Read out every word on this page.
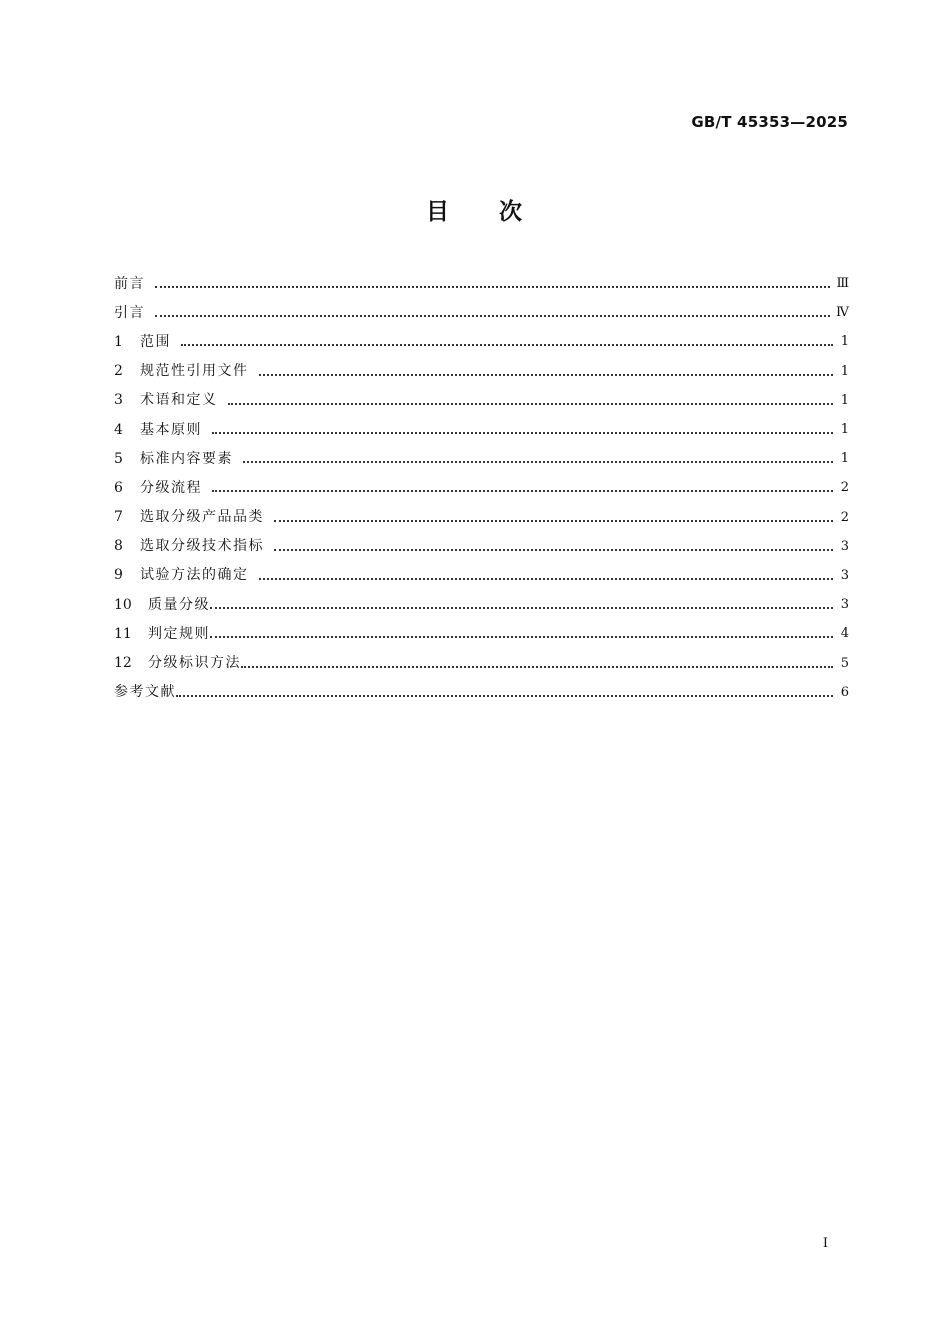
GB/T 45353—2025
目 次
前言	Ⅲ
引言	Ⅳ
1	范围	1
2	规范性引用文件	1
3	术语和定义	1
4	基本原则	1
5	标准内容要素	1
6	分级流程	2
7	选取分级产品品类	2
8	选取分级技术指标	3
9	试验方法的确定	3
10	质量分级	3
11	判定规则	4
12	分级标识方法	5
参考文献	6
Ⅰ
